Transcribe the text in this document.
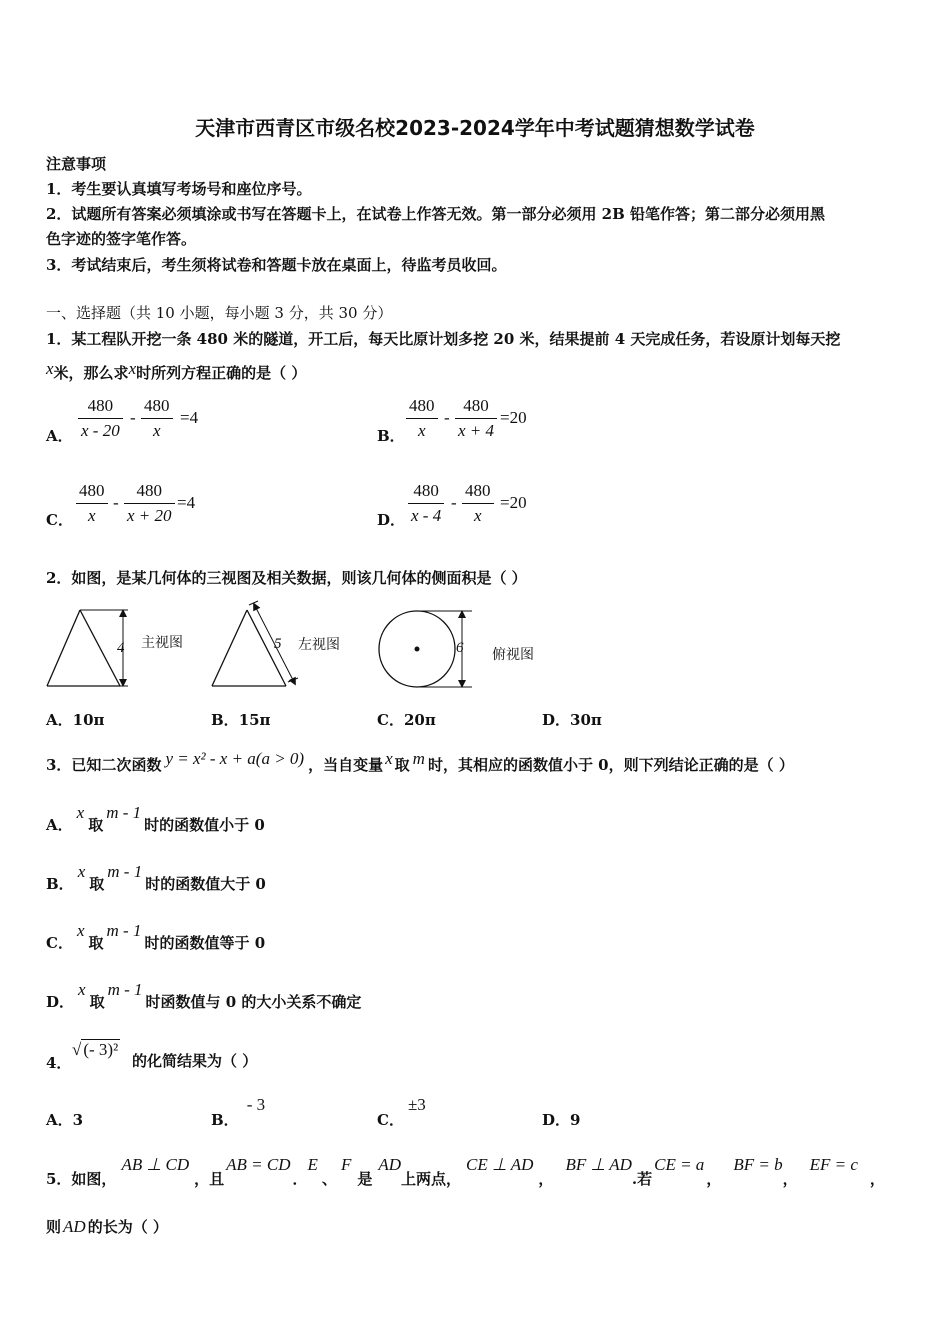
天津市西青区市级名校2023-2024学年中考试题猜想数学试卷
注意事项
1．考生要认真填写考场号和座位序号。
2．试题所有答案必须填涂或书写在答题卡上，在试卷上作答无效。第一部分必须用 2B 铅笔作答；第二部分必须用黑
色字迹的签字笔作答。
3．考试结束后，考生须将试卷和答题卡放在桌面上，待监考员收回。
一、选择题（共 10 小题，每小题 3 分，共 30 分）
1．某工程队开挖一条 480 米的隧道，开工后，每天比原计划多挖 20 米，结果提前 4 天完成任务，若设原计划每天挖
x米，那么求x时所列方程正确的是（ ）
A．
480
x - 20
-
480
x
=4
B．
480
x
-
480
x + 4
=20
C．
480
x
-
480
x + 20
=4
D．
480
x - 4
-
480
x
=20
2．如图，是某几何体的三视图及相关数据，则该几何体的侧面积是（ ）
4 主视图	5 左视图	6 俯视图
A．10π	B．15π	C．20π	D．30π
3．已知二次函数 y = x² - x + a(a > 0) ，当自变量 x 取 m 时，其相应的函数值小于 0，则下列结论正确的是（ ）
A．x取m - 1时的函数值小于 0
B．x取m - 1时的函数值大于 0
C．x取m - 1时的函数值等于 0
D．x取m - 1时函数值与 0 的大小关系不确定
4．
√ (- 3)²
的化简结果为（ ）
A．3	B．- 3
C．±3
D．9
5．如图，AB ⊥ CD，且AB = CD．E、F是AD上两点，CE ⊥ AD，BF ⊥ AD.若CE = a，BF = b，EF = c，
则 AD 的长为（ ）
